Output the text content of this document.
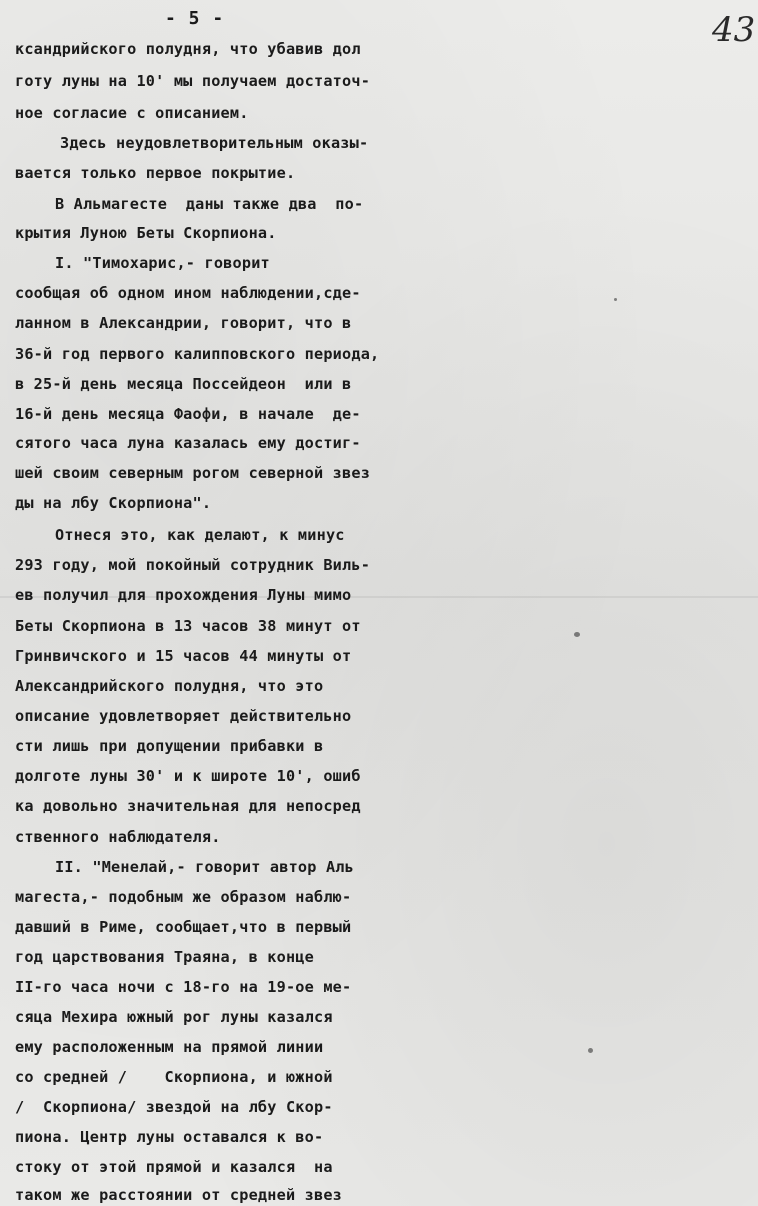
- 5 -	43
ксандрийского полудня, что убавив дол
готу луны на 10' мы получаем достаточ-
ное согласие с описанием.
Здесь неудовлетворительным оказы-
вается только первое покрытие.
В Альмагесте  даны также два  по-
крытия Луною Беты Скорпиона.
I. "Тимохарис,- говорит
сообщая об одном ином наблюдении,сде-
ланном в Александрии, говорит, что в
36-й год первого калипповского периода,
в 25-й день месяца Поссейдеон  или в
16-й день месяца Фаофи, в начале  де-
сятого часа луна казалась ему достиг-
шей своим северным рогом северной звез
ды на лбу Скорпиона".
Отнеся это, как делают, к минус
293 году, мой покойный сотрудник Виль-
ев получил для прохождения Луны мимо
Беты Скорпиона в 13 часов 38 минут от
Гринвичского и 15 часов 44 минуты от
Александрийского полудня, что это
описание удовлетворяет действительно
сти лишь при допущении прибавки в
долготе луны 30' и к широте 10', ошиб
ка довольно значительная для непосред
ственного наблюдателя.
II. "Менелай,- говорит автор Аль
магеста,- подобным же образом наблю-
давший в Риме, сообщает,что в первый
год царствования Траяна, в конце
II-го часа ночи с 18-го на 19-ое ме-
сяца Мехира южный рог луны казался
ему расположенным на прямой линии
со средней /    Скорпиона, и южной
/  Скорпиона/ звездой на лбу Скор-
пиона. Центр луны оставался к во-
стоку от этой прямой и казался  на
таком же расстоянии от средней звез
